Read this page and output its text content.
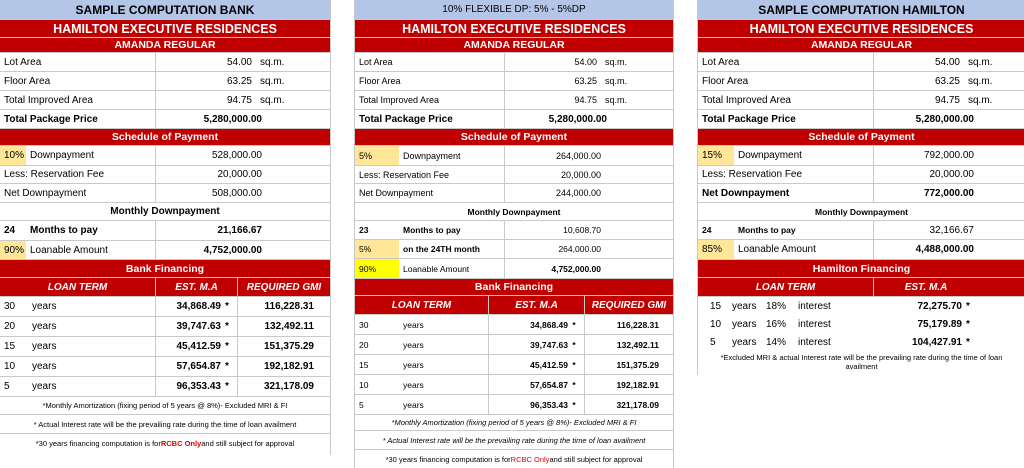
SAMPLE COMPUTATION BANK
HAMILTON EXECUTIVE RESIDENCES
AMANDA REGULAR
Lot Area	54.00 sq.m.
Floor Area	63.25 sq.m.
Total Improved Area	94.75 sq.m.
Total Package Price	5,280,000.00
Schedule of Payment
10% Downpayment	528,000.00
Less: Reservation Fee	20,000.00
Net Downpayment	508,000.00
Monthly Downpayment
24	Months to pay	21,166.67
90% Loanable Amount	4,752,000.00
Bank Financing
LOAN TERM	EST. M.A	REQUIRED GMI
30	years	34,868.49 *	116,228.31
20	years	39,747.63 *	132,492.11
15	years	45,412.59 *	151,375.29
10	years	57,654.87 *	192,182.91
5	years	96,353.43 *	321,178.09
*Monthly Amortization (fixing period of 5 years @ 8%)- Excluded MRI & FI
* Actual Interest rate will be the prevailing rate during the time of loan availment
*30 years financing computation is for RCBC Only and still subject for approval
10% FLEXIBLE DP: 5% - 5%DP
HAMILTON EXECUTIVE RESIDENCES
AMANDA REGULAR
Lot Area	54.00 sq.m.
Floor Area	63.25 sq.m.
Total Improved Area	94.75 sq.m.
Total Package Price	5,280,000.00
Schedule of Payment
5%	Downpayment	264,000.00
Less: Reservation Fee	20,000.00
Net Downpayment	244,000.00
Monthly Downpayment
23	Months to pay	10,608.70
5%	on the 24TH month	264,000.00
90%	Loanable Amount	4,752,000.00
Bank Financing
LOAN TERM	EST. M.A	REQUIRED GMI
30	years	34,868.49 *	116,228.31
20	years	39,747.63 *	132,492.11
15	years	45,412.59 *	151,375.29
10	years	57,654.87 *	192,182.91
5	years	96,353.43 *	321,178.09
*Monthly Amortization (fixing period of 5 years @ 8%)- Excluded MRI & FI
* Actual Interest rate will be the prevailing rate during the time of loan availment
*30 years financing computation is for RCBC Only and still subject for approval
SAMPLE COMPUTATION HAMILTON
HAMILTON EXECUTIVE RESIDENCES
AMANDA REGULAR
Lot Area	54.00 sq.m.
Floor Area	63.25 sq.m.
Total Improved Area	94.75 sq.m.
Total Package Price	5,280,000.00
Schedule of Payment
15%	Downpayment	792,000.00
Less: Reservation Fee	20,000.00
Net Downpayment	772,000.00
Monthly Downpayment
24	Months to pay	32,166.67
85%	Loanable Amount	4,488,000.00
Hamilton Financing
LOAN TERM	EST. M.A
15	years 18%	interest	72,275.70 *
10	years 16%	interest	75,179.89 *
5	years 14%	interest	104,427.91 *
*Excluded MRI & actual Interest rate will be the prevailing rate during the time of loan availment
